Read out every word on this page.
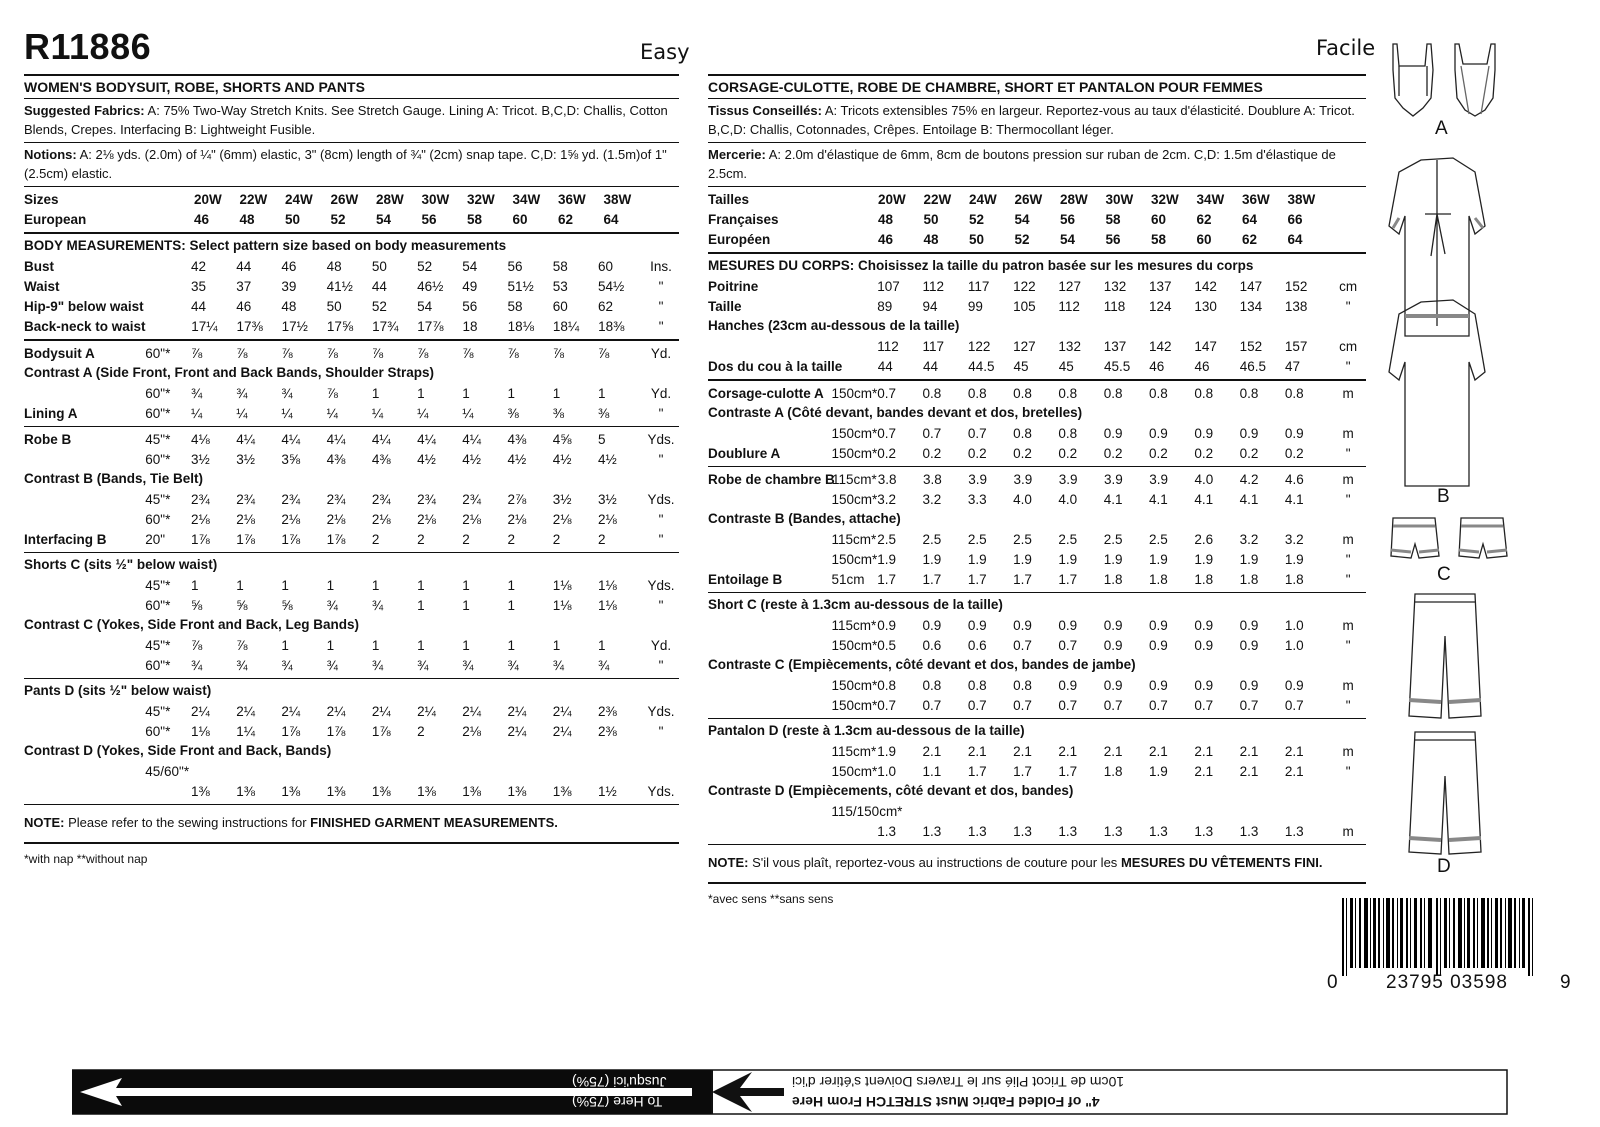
R11886	Easy	Facile
WOMEN'S BODYSUIT, ROBE, SHORTS AND PANTS
Suggested Fabrics: A: 75% Two-Way Stretch Knits. See Stretch Gauge. Lining A: Tricot. B,C,D: Challis, Cotton Blends, Crepes. Interfacing B: Lightweight Fusible.
Notions: A: 2⅛ yds. (2.0m) of ¼" (6mm) elastic, 3" (8cm) length of ¾" (2cm) snap tape. C,D: 1⅝ yd. (1.5m)of 1" (2.5cm) elastic.
Sizes	20W	22W	24W	26W	28W	30W	32W	34W	36W	38W
European	46	48	50	52	54	56	58	60	62	64
BODY MEASUREMENTS: Select pattern size based on body measurements
Bust	42	44	46	48	50	52	54	56	58	60	Ins.
Waist	35	37	39	41½	44	46½	49	51½	53	54½	"
Hip-9" below waist	44	46	48	50	52	54	56	58	60	62	"
Back-neck to waist	17¼	17⅜	17½	17⅝	17¾	17⅞	18	18⅛	18¼	18⅜	"
Bodysuit A	60"*	⅞	⅞	⅞	⅞	⅞	⅞	⅞	⅞	⅞	⅞	Yd.
Contrast A (Side Front, Front and Back Bands, Shoulder Straps)
60"*	¾	¾	¾	⅞	1	1	1	1	1	1	Yd.
Lining A	60"*	¼	¼	¼	¼	¼	¼	¼	⅜	⅜	⅜	"
Robe B	45"*	4⅛	4¼	4¼	4¼	4¼	4¼	4¼	4⅜	4⅝	5	Yds.
60"*	3½	3½	3⅝	4⅜	4⅜	4½	4½	4½	4½	4½	"
Contrast B (Bands, Tie Belt)
45"*	2¾	2¾	2¾	2¾	2¾	2¾	2¾	2⅞	3½	3½	Yds.
60"*	2⅛	2⅛	2⅛	2⅛	2⅛	2⅛	2⅛	2⅛	2⅛	2⅛	"
Interfacing B	20"	1⅞	1⅞	1⅞	1⅞	2	2	2	2	2	2	"
Shorts C (sits ½" below waist)
45"*	1	1	1	1	1	1	1	1	1⅛	1⅛	Yds.
60"*	⅝	⅝	⅝	¾	¾	1	1	1	1⅛	1⅛	"
Contrast C (Yokes, Side Front and Back, Leg Bands)
45"*	⅞	⅞	1	1	1	1	1	1	1	1	Yd.
60"*	¾	¾	¾	¾	¾	¾	¾	¾	¾	¾	"
Pants D (sits ½" below waist)
45"*	2¼	2¼	2¼	2¼	2¼	2¼	2¼	2¼	2¼	2⅜	Yds.
60"*	1⅛	1¼	1⅞	1⅞	1⅞	2	2⅛	2¼	2¼	2⅜	"
Contrast D (Yokes, Side Front and Back, Bands)
45/60"*
1⅜	1⅜	1⅜	1⅜	1⅜	1⅜	1⅜	1⅜	1⅜	1½	Yds.
NOTE: Please refer to the sewing instructions for FINISHED GARMENT MEASUREMENTS.
*with nap **without nap
CORSAGE-CULOTTE, ROBE DE CHAMBRE, SHORT ET PANTALON POUR FEMMES
Tissus Conseillés: A: Tricots extensibles 75% en largeur. Reportez-vous au taux d'élasticité. Doublure A: Tricot. B,C,D: Challis, Cotonnades, Crêpes. Entoilage B: Thermocollant léger.
Mercerie: A: 2.0m d'élastique de 6mm, 8cm de boutons pression sur ruban de 2cm. C,D: 1.5m d'élastique de 2.5cm.
Tailles	20W	22W	24W	26W	28W	30W	32W	34W	36W	38W
Françaises	48	50	52	54	56	58	60	62	64	66
Européen	46	48	50	52	54	56	58	60	62	64
MESURES DU CORPS: Choisissez la taille du patron basée sur les mesures du corps
Poitrine	107	112	117	122	127	132	137	142	147	152	cm
Taille	89	94	99	105	112	118	124	130	134	138	"
Hanches (23cm au-dessous de la taille)
112	117	122	127	132	137	142	147	152	157	cm
Dos du cou à la taille	44	44	44.5	45	45	45.5	46	46	46.5	47	"
Corsage-culotte A 150cm* 0.7	0.8	0.8	0.8	0.8	0.8	0.8	0.8	0.8	0.8	m
Contraste A (Côté devant, bandes devant et dos, bretelles)
150cm* 0.7	0.7	0.7	0.8	0.8	0.9	0.9	0.9	0.9	0.9	m
Doublure A	150cm* 0.2	0.2	0.2	0.2	0.2	0.2	0.2	0.2	0.2	0.2	"
Robe de chambre B
115cm* 3.8	3.8	3.9	3.9	3.9	3.9	3.9	4.0	4.2	4.6	m
150cm* 3.2	3.2	3.3	4.0	4.0	4.1	4.1	4.1	4.1	4.1	"
Contraste B (Bandes, attache)
115cm* 2.5	2.5	2.5	2.5	2.5	2.5	2.5	2.6	3.2	3.2	m
150cm* 1.9	1.9	1.9	1.9	1.9	1.9	1.9	1.9	1.9	1.9	"
Entoilage B	51cm 1.7	1.7	1.7	1.7	1.7	1.8	1.8	1.8	1.8	1.8	"
Short C (reste à 1.3cm au-dessous de la taille)
115cm* 0.9	0.9	0.9	0.9	0.9	0.9	0.9	0.9	0.9	1.0	m
150cm* 0.5	0.6	0.6	0.7	0.7	0.9	0.9	0.9	0.9	1.0	"
Contraste C (Empiècements, côté devant et dos, bandes de jambe)
150cm* 0.8	0.8	0.8	0.8	0.9	0.9	0.9	0.9	0.9	0.9	m
150cm* 0.7	0.7	0.7	0.7	0.7	0.7	0.7	0.7	0.7	0.7	"
Pantalon D (reste à 1.3cm au-dessous de la taille)
115cm* 1.9	2.1	2.1	2.1	2.1	2.1	2.1	2.1	2.1	2.1	m
150cm* 1.0	1.1	1.7	1.7	1.7	1.8	1.9	2.1	2.1	2.1	"
Contraste D (Empiècements, côté devant et dos, bandes)
115/150cm*
1.3	1.3	1.3	1.3	1.3	1.3	1.3	1.3	1.3	1.3	m
NOTE: S'il vous plaît, reportez-vous au instructions de couture pour les MESURES DU VÊTEMENTS FINI.
*avec sens **sans sens
A
B
C
D
0	23795 03598	9
Jusqu'ici (75%)
To Here (75%)
10cm de Tricot Plié sur le Travers Doivent s'étirer d'ici
4" of Folded Fabric Must STRETCH From Here
